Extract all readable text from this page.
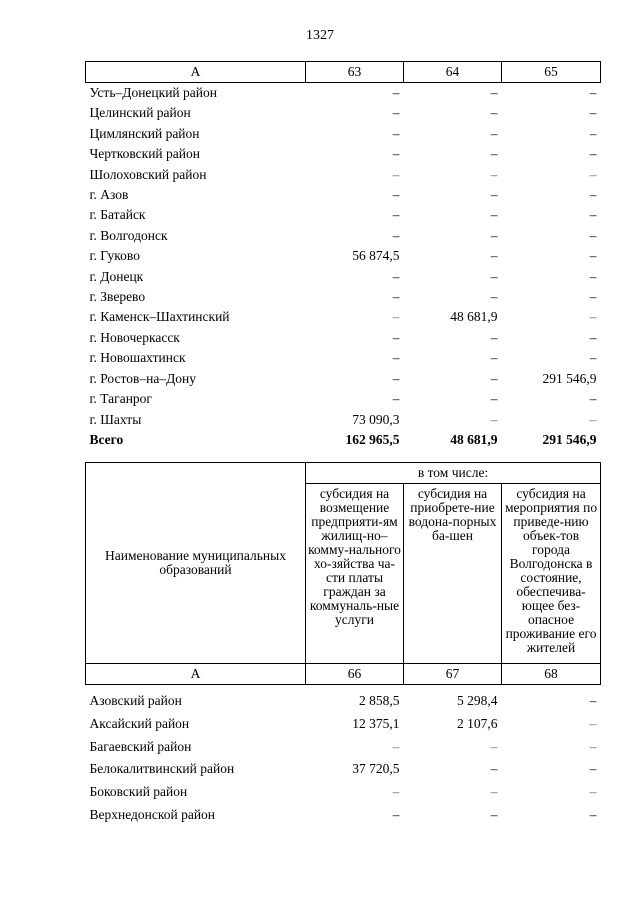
1327
А	63	64	65
Усть–Донецкий район	–	–	–
Целинский район	–	–	–
Цимлянский район	–	–	–
Чертковский район	–	–	–
Шолоховский район	–	–	–
г. Азов	–	–	–
г. Батайск	–	–	–
г. Волгодонск	–	–	–
г. Гуково	56 874,5	–	–
г. Донецк	–	–	–
г. Зверево	–	–	–
г. Каменск–Шахтинский	–	48 681,9	–
г. Новочеркасск	–	–	–
г. Новошахтинск	–	–	–
г. Ростов–на–Дону	–	–	291 546,9
г. Таганрог	–	–	–
г. Шахты	73 090,3	–	–
Всего	162 965,5	48 681,9	291 546,9
Наименование муниципальных образований	в том числе:		
	субсидия на возмещение предприяти-ям жилищ-но–комму-нального хо-зяйства ча-сти платы граждан за коммуналь-ные услуги	субсидия на приобрете-ние водона-порных ба-шен	субсидия на мероприятия по приведе-нию объек-тов города Волгодонска в состояние, обеспечива-ющее без-опасное проживание его жителей
А	66	67	68

Азовский район	2 858,5	5 298,4	–
Аксайский район	12 375,1	2 107,6	–
Багаевский район	–	–	–
Белокалитвинский район	37 720,5	–	–
Боковский район	–	–	–
Верхнедонской район	–	–	–
